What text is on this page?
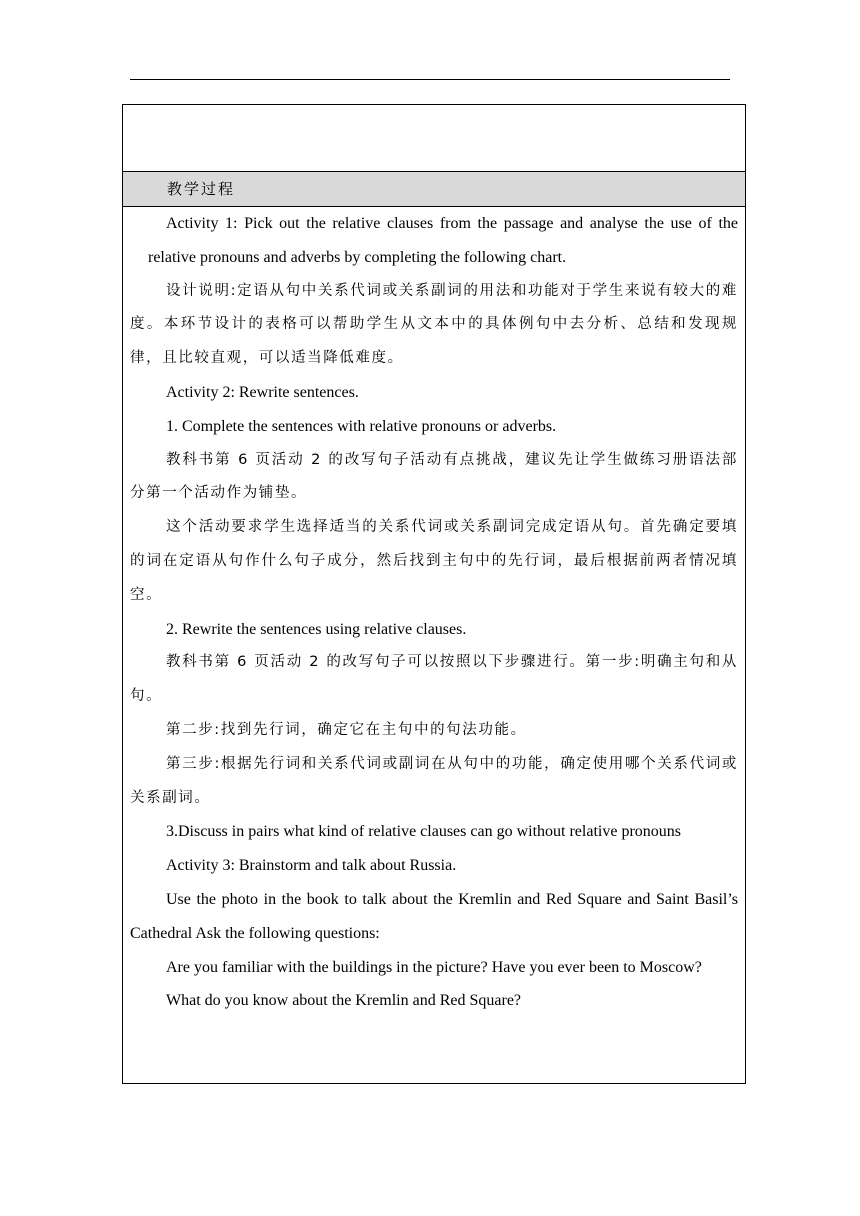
教学过程

Activity 1: Pick out the relative clauses from the passage and analyse the use of the relative pronouns and adverbs by completing the following chart.

设计说明:定语从句中关系代词或关系副词的用法和功能对于学生来说有较大的难度。本环节设计的表格可以帮助学生从文本中的具体例句中去分析、总结和发现规律，且比较直观，可以适当降低难度。

Activity 2: Rewrite sentences.

1. Complete the sentences with relative pronouns or adverbs.

教科书第 6 页活动 2 的改写句子活动有点挑战，建议先让学生做练习册语法部分第一个活动作为铺垫。

这个活动要求学生选择适当的关系代词或关系副词完成定语从句。首先确定要填的词在定语从句作什么句子成分，然后找到主句中的先行词，最后根据前两者情况填空。

2. Rewrite the sentences using relative clauses.

教科书第 6 页活动 2 的改写句子可以按照以下步骤进行。第一步:明确主句和从句。

第二步:找到先行词，确定它在主句中的句法功能。

第三步:根据先行词和关系代词或副词在从句中的功能，确定使用哪个关系代词或关系副词。

3.Discuss in pairs what kind of relative clauses can go without relative pronouns

Activity 3: Brainstorm and talk about Russia.

Use the photo in the book to talk about the Kremlin and Red Square and Saint Basil’s Cathedral Ask the following questions:

Are you familiar with the buildings in the picture? Have you ever been to Moscow?

What do you know about the Kremlin and Red Square?
